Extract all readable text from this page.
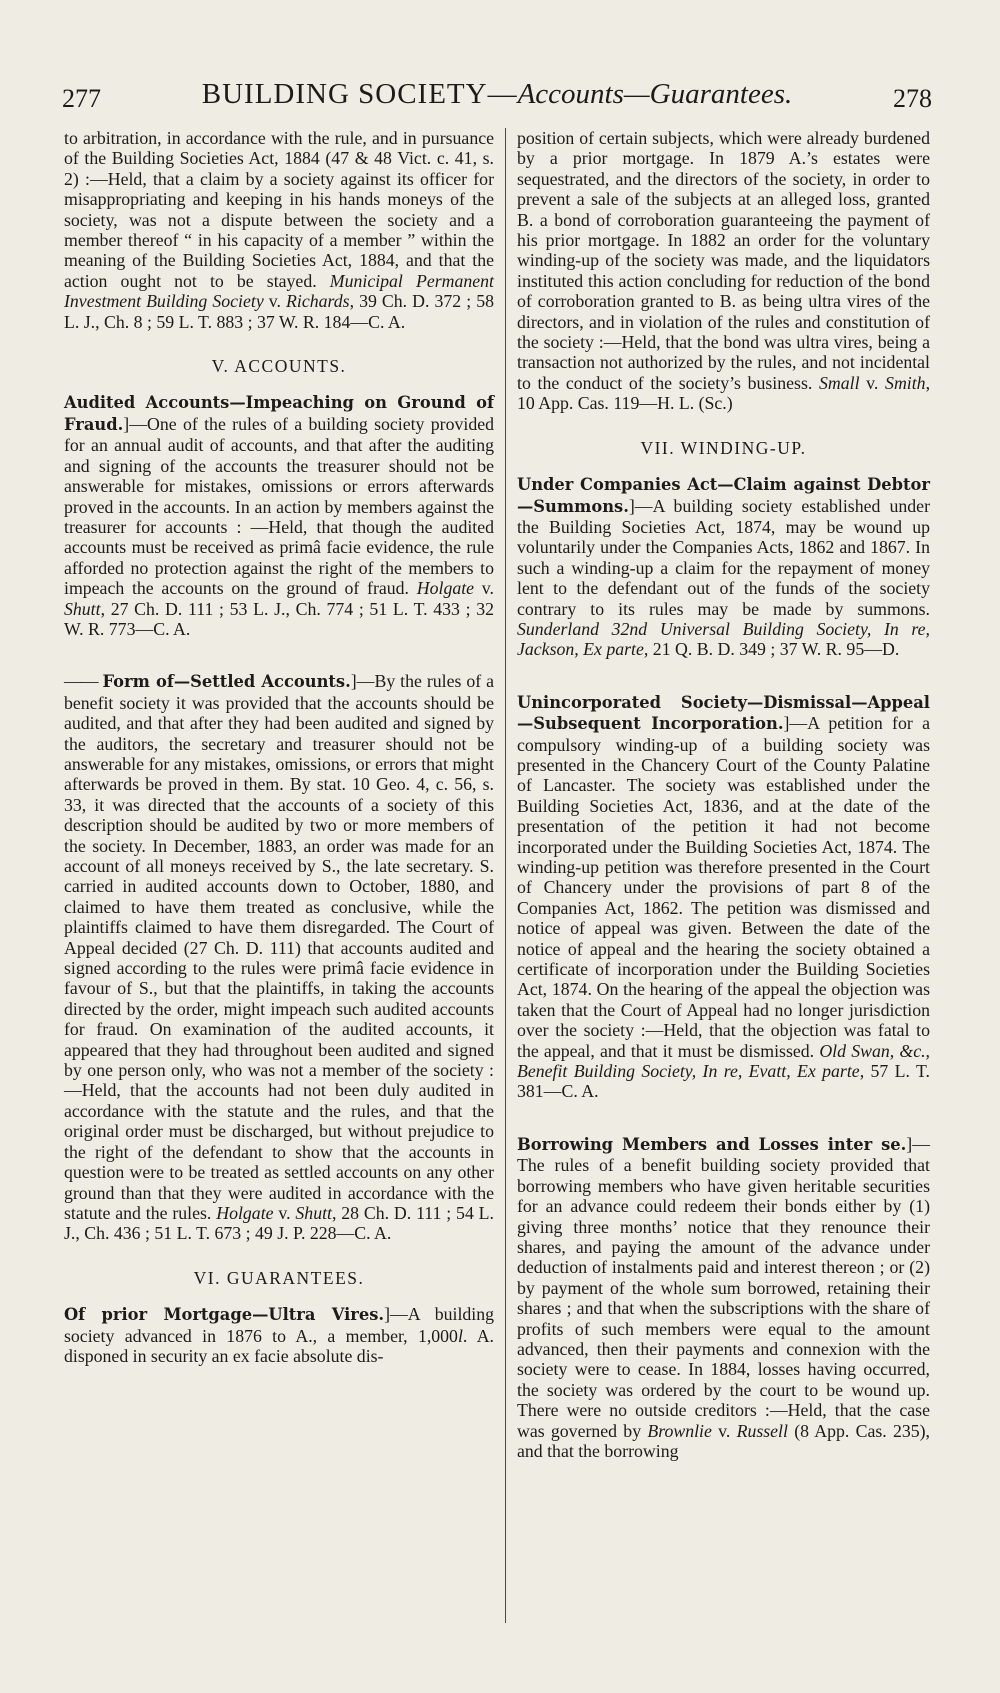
277	BUILDING SOCIETY—Accounts—Guarantees.	278

to arbitration, in accordance with the rule, and in pursuance of the Building Societies Act, 1884 (47 & 48 Vict. c. 41, s. 2) :—Held, that a claim by a society against its officer for misappropriating and keeping in his hands moneys of the society, was not a dispute between the society and a member thereof “ in his capacity of a member ” within the meaning of the Building Societies Act, 1884, and that the action ought not to be stayed. Municipal Permanent Investment Building Society v. Richards, 39 Ch. D. 372 ; 58 L. J., Ch. 8 ; 59 L. T. 883 ; 37 W. R. 184—C. A.

V. ACCOUNTS.

Audited Accounts—Impeaching on Ground of Fraud.]—One of the rules of a building society provided for an annual audit of accounts, and that after the auditing and signing of the accounts the treasurer should not be answerable for mistakes, omissions or errors afterwards proved in the accounts. In an action by members against the treasurer for accounts : —Held, that though the audited accounts must be received as primâ facie evidence, the rule afforded no protection against the right of the members to impeach the accounts on the ground of fraud. Holgate v. Shutt, 27 Ch. D. 111 ; 53 L. J., Ch. 774 ; 51 L. T. 433 ; 32 W. R. 773—C. A.

—— Form of—Settled Accounts.]—By the rules of a benefit society it was provided that the accounts should be audited, and that after they had been audited and signed by the auditors, the secretary and treasurer should not be answerable for any mistakes, omissions, or errors that might afterwards be proved in them. By stat. 10 Geo. 4, c. 56, s. 33, it was directed that the accounts of a society of this description should be audited by two or more members of the society. In December, 1883, an order was made for an account of all moneys received by S., the late secretary. S. carried in audited accounts down to October, 1880, and claimed to have them treated as conclusive, while the plaintiffs claimed to have them disregarded. The Court of Appeal decided (27 Ch. D. 111) that accounts audited and signed according to the rules were primâ facie evidence in favour of S., but that the plaintiffs, in taking the accounts directed by the order, might impeach such audited accounts for fraud. On examination of the audited accounts, it appeared that they had throughout been audited and signed by one person only, who was not a member of the society : —Held, that the accounts had not been duly audited in accordance with the statute and the rules, and that the original order must be discharged, but without prejudice to the right of the defendant to show that the accounts in question were to be treated as settled accounts on any other ground than that they were audited in accordance with the statute and the rules. Holgate v. Shutt, 28 Ch. D. 111 ; 54 L. J., Ch. 436 ; 51 L. T. 673 ; 49 J. P. 228—C. A.

VI. GUARANTEES.

Of prior Mortgage—Ultra Vires.]—A building society advanced in 1876 to A., a member, 1,000l. A. disponed in security an ex facie absolute dis-

position of certain subjects, which were already burdened by a prior mortgage. In 1879 A.’s estates were sequestrated, and the directors of the society, in order to prevent a sale of the subjects at an alleged loss, granted B. a bond of corroboration guaranteeing the payment of his prior mortgage. In 1882 an order for the voluntary winding-up of the society was made, and the liquidators instituted this action concluding for reduction of the bond of corroboration granted to B. as being ultra vires of the directors, and in violation of the rules and constitution of the society :—Held, that the bond was ultra vires, being a transaction not authorized by the rules, and not incidental to the conduct of the society’s business. Small v. Smith, 10 App. Cas. 119—H. L. (Sc.)

VII. WINDING-UP.

Under Companies Act—Claim against Debtor—Summons.]—A building society established under the Building Societies Act, 1874, may be wound up voluntarily under the Companies Acts, 1862 and 1867. In such a winding-up a claim for the repayment of money lent to the defendant out of the funds of the society contrary to its rules may be made by summons. Sunderland 32nd Universal Building Society, In re, Jackson, Ex parte, 21 Q. B. D. 349 ; 37 W. R. 95—D.

Unincorporated Society—Dismissal—Appeal—Subsequent Incorporation.]—A petition for a compulsory winding-up of a building society was presented in the Chancery Court of the County Palatine of Lancaster. The society was established under the Building Societies Act, 1836, and at the date of the presentation of the petition it had not become incorporated under the Building Societies Act, 1874. The winding-up petition was therefore presented in the Court of Chancery under the provisions of part 8 of the Companies Act, 1862. The petition was dismissed and notice of appeal was given. Between the date of the notice of appeal and the hearing the society obtained a certificate of incorporation under the Building Societies Act, 1874. On the hearing of the appeal the objection was taken that the Court of Appeal had no longer jurisdiction over the society :—Held, that the objection was fatal to the appeal, and that it must be dismissed. Old Swan, &c., Benefit Building Society, In re, Evatt, Ex parte, 57 L. T. 381—C. A.

Borrowing Members and Losses inter se.]—The rules of a benefit building society provided that borrowing members who have given heritable securities for an advance could redeem their bonds either by (1) giving three months’ notice that they renounce their shares, and paying the amount of the advance under deduction of instalments paid and interest thereon ; or (2) by payment of the whole sum borrowed, retaining their shares ; and that when the subscriptions with the share of profits of such members were equal to the amount advanced, then their payments and connexion with the society were to cease. In 1884, losses having occurred, the society was ordered by the court to be wound up. There were no outside creditors :—Held, that the case was governed by Brownlie v. Russell (8 App. Cas. 235), and that the borrowing
